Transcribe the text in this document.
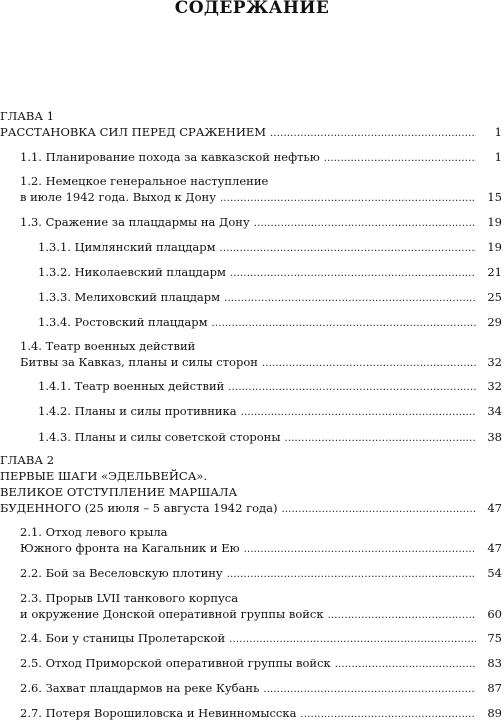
СОДЕРЖАНИЕ
ГЛАВА 1
РАССТАНОВКА СИЛ ПЕРЕД СРАЖЕНИЕМ . . .	1
1.1. Планирование похода за кавказской нефтью . . .	1
1.2. Немецкое генеральное наступление
в июле 1942 года. Выход к Дону . . .	15
1.3. Сражение за плацдармы на Дону . . .	19
1.3.1. Цимлянский плацдарм . . .	19
1.3.2. Николаевский плацдарм . . .	21
1.3.3. Мелиховский плацдарм . . .	25
1.3.4. Ростовский плацдарм . . .	29
1.4. Театр военных действий
Битвы за Кавказ, планы и силы сторон . . .	32
1.4.1. Театр военных действий . . .	32
1.4.2. Планы и силы противника . . .	34
1.4.3. Планы и силы советской стороны . . .	38
ГЛАВА 2
ПЕРВЫЕ ШАГИ «ЭДЕЛЬВЕЙСА».
ВЕЛИКОЕ ОТСТУПЛЕНИЕ МАРШАЛА
БУДЕННОГО (25 июля – 5 августа 1942 года) . . .	47
2.1. Отход левого крыла
Южного фронта на Кагальник и Ею . . .	47
2.2. Бой за Веселовскую плотину . . .	54
2.3. Прорыв LVII танкового корпуса
и окружение Донской оперативной группы войск . . .	60
2.4. Бои у станицы Пролетарской . . .	75
2.5. Отход Приморской оперативной группы войск . . .	83
2.6. Захват плацдармов на реке Кубань . . .	87
2.7. Потеря Ворошиловска и Невинномысска . . .	89
